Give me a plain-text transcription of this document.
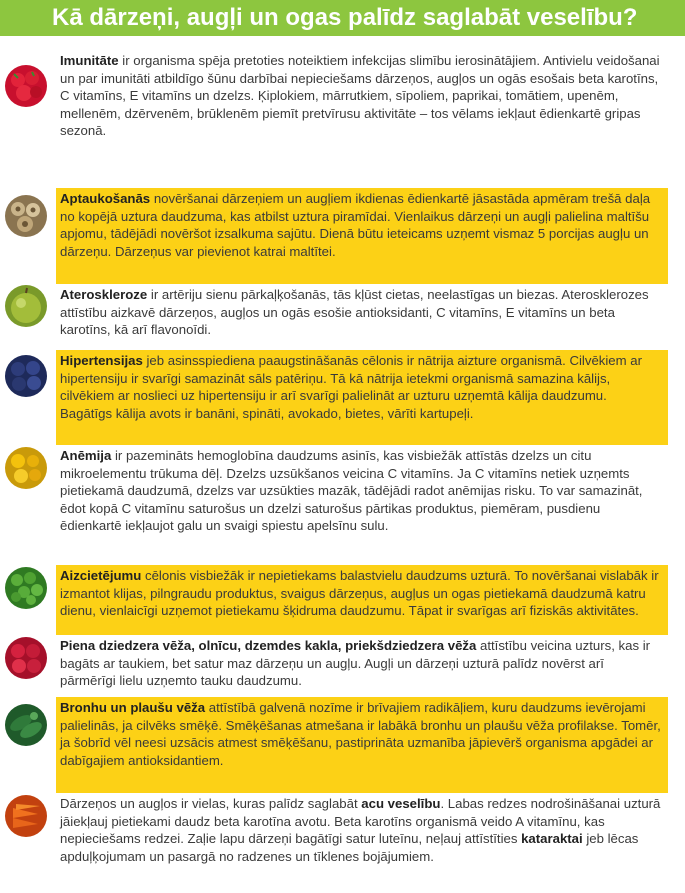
Kā dārzeņi, augļi un ogas palīdz saglabāt veselību?
Imunitāte ir organisma spēja pretoties noteiktiem infekcijas slimību ierosinātājiem. Antivielu veidošanai un par imunitāti atbildīgo šūnu darbībai nepieciešams dārzeņos, augļos un ogās esošais beta karotīns, C vitamīns, E vitamīns un dzelzs. Ķiplokiem, mārrutkiem, sīpoliem, paprikai, tomātiem, upenēm, mellenēm, dzērvenēm, brūklenēm piemīt pretvīrusu aktivitāte – tos vēlams iekļaut ēdienkartē gripas sezonā.
Aptaukošanās novēršanai dārzeņiem un augļiem ikdienas ēdienkartē jāsastāda apmēram trešā daļa no kopējā uztura daudzuma, kas atbilst uztura piramīdai. Vienlaikus dārzeņi un augļi palielina maltīšu apjomu, tādējādi novēršot izsalkuma sajūtu. Dienā būtu ieteicams uzņemt vismaz 5 porcijas augļu un dārzeņu. Dārzeņus var pievienot katrai maltītei.
Ateroskleroze ir artēriju sienu pārkaļķošanās, tās kļūst cietas, neelastīgas un biezas. Aterosklerozes attīstību aizkavē dārzeņos, augļos un ogās esošie antioksidanti, C vitamīns, E vitamīns un beta karotīns, kā arī flavonoīdi.
Hipertensijas jeb asinsspiediena paaugstināšanās cēlonis ir nātrija aizture organismā. Cilvēkiem ar hipertensiju ir svarīgi samazināt sāls patēriņu. Tā kā nātrija ietekmi organismā samazina kālijs, cilvēkiem ar noslieci uz hipertensiju ir arī svarīgi palielināt ar uzturu uzņemtā kālija daudzumu. Bagātīgs kālija avots ir banāni, spināti, avokado, bietes, vārīti kartupeļi.
Anēmija ir pazemināts hemoglobīna daudzums asinīs, kas visbiežāk attīstās dzelzs un citu mikroelementu trūkuma dēļ. Dzelzs uzsūkšanos veicina C vitamīns. Ja C vitamīns netiek uzņemts pietiekamā daudzumā, dzelzs var uzsūkties mazāk, tādējādi radot anēmijas risku. To var samazināt, ēdot kopā C vitamīnu saturošus un dzelzi saturošus pārtikas produktus, piemēram, pusdienu ēdienkartē iekļaujot galu un svaigi spiestu apelsīnu sulu.
Aizcietējumu cēlonis visbiežāk ir nepietiekams balastvielu daudzums uzturā. To novēršanai vislabāk ir izmantot klijas, pilngraudu produktus, svaigus dārzeņus, augļus un ogas pietiekamā daudzumā katru dienu, vienlaicīgi uzņemot pietiekamu šķidruma daudzumu. Tāpat ir svarīgas arī fiziskās aktivitātes.
Piena dziedzera vēža, olnīcu, dzemdes kakla, priekšdziedzera vēža attīstību veicina uzturs, kas ir bagāts ar taukiem, bet satur maz dārzeņu un augļu. Augļi un dārzeņi uzturā palīdz novērst arī pārmērīgi lielu uzņemto tauku daudzumu.
Bronhu un plaušu vēža attīstībā galvenā nozīme ir brīvajiem radikāļiem, kuru daudzums ievērojami palielinās, ja cilvēks smēķē. Smēķēšanas atmešana ir labākā bronhu un plaušu vēža profilakse. Tomēr, ja šobrīd vēl neesi uzsācis atmest smēķēšanu, pastiprināta uzmanība jāpievērš organisma apgādei ar dabīgajiem antioksidantiem.
Dārzeņos un augļos ir vielas, kuras palīdz saglabāt acu veselību. Labas redzes nodrošināšanai uzturā jāiekļauj pietiekami daudz beta karotīna avotu. Beta karotīns organismā veido A vitamīnu, kas nepieciešams redzei. Zaļie lapu dārzeņi bagātīgi satur luteīnu, neļauj attīstīties kataraktai jeb lēcas apduļķojumam un pasargā no radzenes un tīklenes bojājumiem.
